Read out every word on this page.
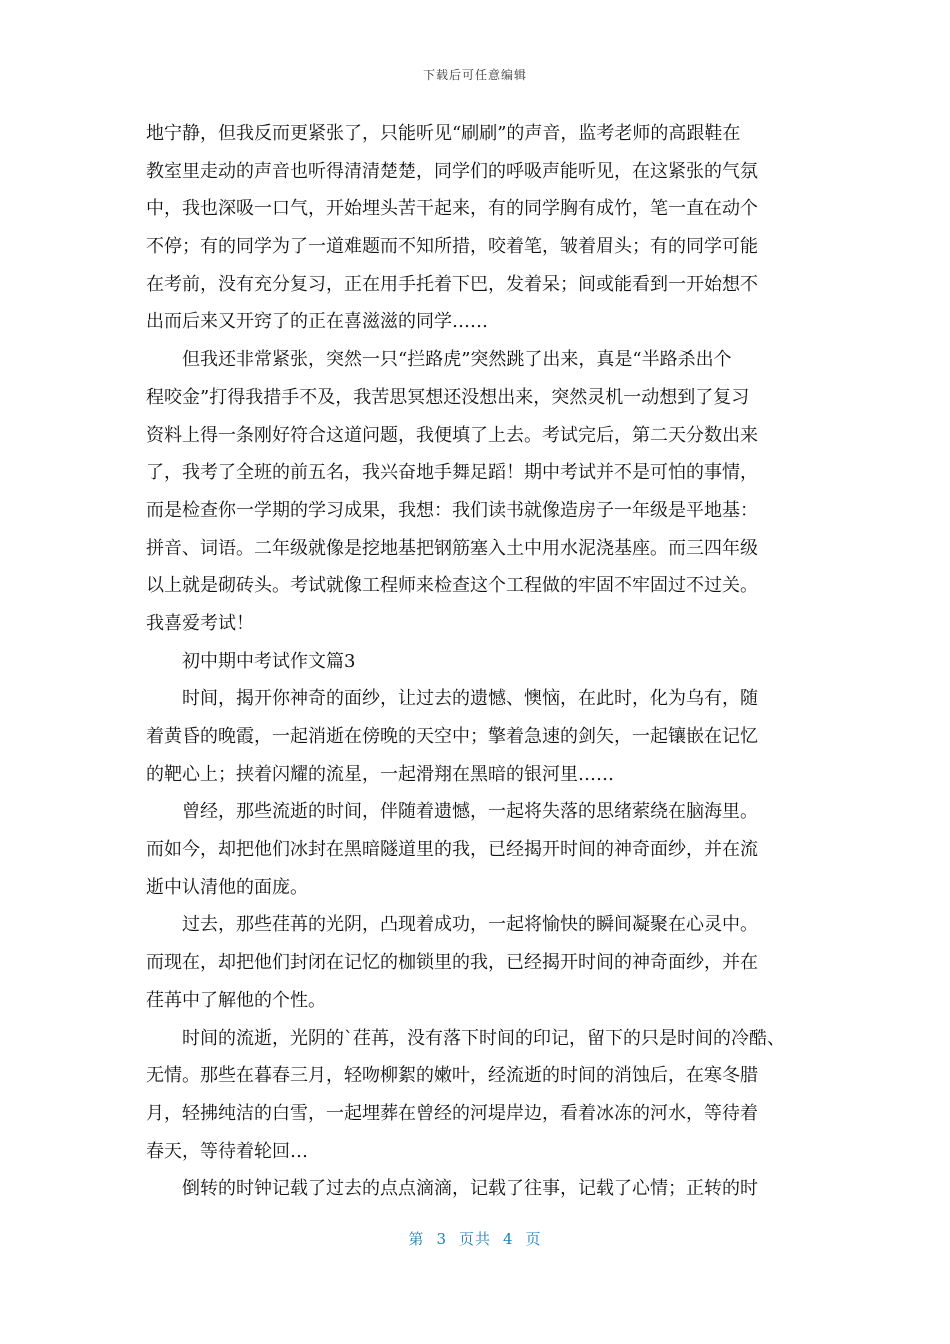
下载后可任意编辑
地宁静，但我反而更紧张了，只能听见“刷刷”的声音，监考老师的高跟鞋在
教室里走动的声音也听得清清楚楚，同学们的呼吸声能听见，在这紧张的气氛
中，我也深吸一口气，开始埋头苦干起来，有的同学胸有成竹，笔一直在动个
不停；有的同学为了一道难题而不知所措，咬着笔，皱着眉头；有的同学可能
在考前，没有充分复习，正在用手托着下巴，发着呆；间或能看到一开始想不
出而后来又开窍了的正在喜滋滋的同学……
但我还非常紧张，突然一只“拦路虎”突然跳了出来，真是“半路杀出个
程咬金”打得我措手不及，我苦思冥想还没想出来，突然灵机一动想到了复习
资料上得一条刚好符合这道问题，我便填了上去。考试完后，第二天分数出来
了，我考了全班的前五名，我兴奋地手舞足蹈！期中考试并不是可怕的事情，
而是检查你一学期的学习成果，我想：我们读书就像造房子一年级是平地基：
拼音、词语。二年级就像是挖地基把钢筋塞入土中用水泥浇基座。而三四年级
以上就是砌砖头。考试就像工程师来检查这个工程做的牢固不牢固过不过关。
我喜爱考试！
初中期中考试作文篇3
时间，揭开你神奇的面纱，让过去的遗憾、懊恼，在此时，化为乌有，随
着黄昏的晚霞，一起消逝在傍晚的天空中；擎着急速的剑矢，一起镶嵌在记忆
的靶心上；挟着闪耀的流星，一起滑翔在黑暗的银河里……
曾经，那些流逝的时间，伴随着遗憾，一起将失落的思绪萦绕在脑海里。
而如今，却把他们冰封在黑暗隧道里的我，已经揭开时间的神奇面纱，并在流
逝中认清他的面庞。
过去，那些荏苒的光阴，凸现着成功，一起将愉快的瞬间凝聚在心灵中。
而现在，却把他们封闭在记忆的枷锁里的我，已经揭开时间的神奇面纱，并在
荏苒中了解他的个性。
时间的流逝，光阴的`荏苒，没有落下时间的印记，留下的只是时间的冷酷、
无情。那些在暮春三月，轻吻柳絮的嫩叶，经流逝的时间的消蚀后，在寒冬腊
月，轻拂纯洁的白雪，一起埋葬在曾经的河堤岸边，看着冰冻的河水，等待着
春天，等待着轮回…
倒转的时钟记载了过去的点点滴滴，记载了往事，记载了心情；正转的时
第 3 页共 4 页
